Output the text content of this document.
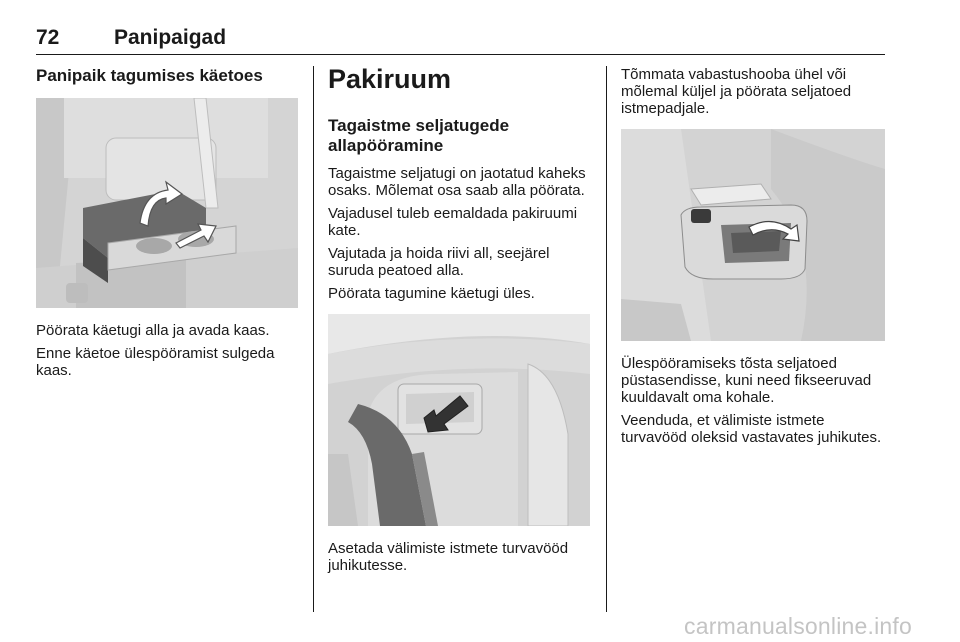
72	Panipaigad
Panipaik tagumises käetoes

Pöörata käetugi alla ja avada kaas.

Enne käetoe ülespööramist sulgeda kaas.

Pakiruum
Tagaistme seljatugede allapööramine

Tagaistme seljatugi on jaotatud kaheks osaks. Mõlemat osa saab alla pöörata.

Vajadusel tuleb eemaldada pakiruumi kate.

Vajutada ja hoida riivi all, seejärel suruda peatoed alla.

Pöörata tagumine käetugi üles.

Asetada välimiste istmete turvavööd juhikutesse.

Tõmmata vabastushooba ühel või mõlemal küljel ja pöörata seljatoed istmepadjale.

Ülespööramiseks tõsta seljatoed püstasendisse, kuni need fikseeruvad kuuldavalt oma kohale.

Veenduda, et välimiste istmete turvavööd oleksid vastavates juhikutes.

carmanualsonline.info
